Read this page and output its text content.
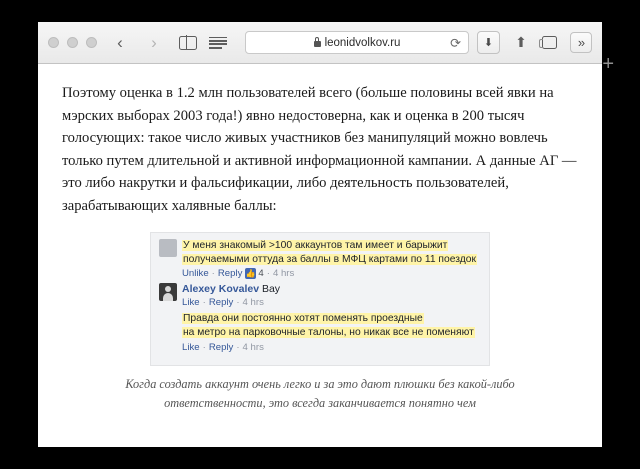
‹ ›	leonidvolkov.ru	⟳ ⬇ ⬆	»
+

Поэтому оценка в 1.2 млн пользователей всего (больше половины всей явки на мэрских выборах 2003 года!) явно недостоверна, как и оценка в 200 тысяч голосующих: такое число живых участников без манипуляций можно вовлечь только путем длительной и активной информационной кампании. А данные АГ — это либо накрутки и фальсификации, либо деятельность пользователей, зарабатывающих халявные баллы:

У меня знакомый >100 аккаунтов там имеет и барыжит
получаемыми оттуда за баллы в МФЦ картами по 11 поездок
Unlike · Reply 👍 4 · 4 hrs
Alexey Kovalev Вау
Like · Reply · 4 hrs
Правда они постоянно хотят поменять проездные
на метро на парковочные талоны, но никак все не поменяют
Like · Reply · 4 hrs
Когда создать аккаунт очень легко и за это дают плюшки без какой-либо ответственности, это всегда заканчивается понятно чем
